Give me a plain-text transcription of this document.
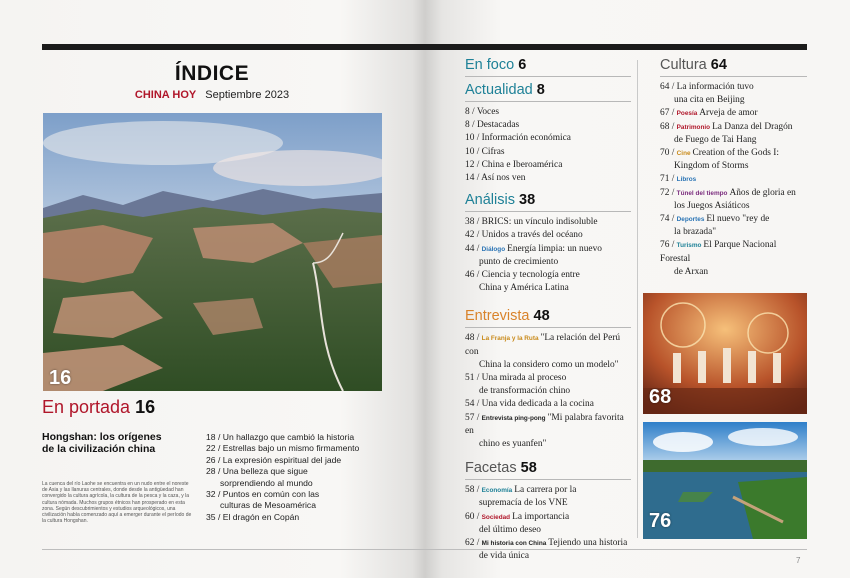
ÍNDICE
CHINA HOY Septiembre 2023
16
En portada 16
Hongshan: los orígenes de la civilización china
La cuenca del río Laohe se encuentra en un nudo entre el noreste de Asia y las llanuras centrales, donde desde la antigüedad han convergido la cultura agrícola, la cultura de la pesca y la caza, y la cultura nómada. Muchos grupos étnicos han prosperado en esta zona. Según descubrimientos y estudios arqueológicos, una civilización había comenzado aquí a emerger durante el período de la cultura Hongshan.
18 / Un hallazgo que cambió la historia
22 / Estrellas bajo un mismo firmamento
26 / La expresión espiritual del jade
28 / Una belleza que sigue
sorprendiendo al mundo
32 / Puntos en común con las
culturas de Mesoamérica
35 / El dragón en Copán
En foco 6
Actualidad 8
8 / Voces
8 / Destacadas
10 / Información económica
10 / Cifras
12 / China e Iberoamérica
14 / Así nos ven
Análisis 38
38 / BRICS: un vínculo indisoluble
42 / Unidos a través del océano
44 / Diálogo Energía limpia: un nuevo
punto de crecimiento
46 / Ciencia y tecnología entre
China y América Latina
Entrevista 48
48 / La Franja y la Ruta "La relación del Perú con
China la considero como un modelo"
51 / Una mirada al proceso
de transformación chino
54 / Una vida dedicada a la cocina
57 / Entrevista ping-pong "Mi palabra favorita en
chino es yuanfen"
Facetas 58
58 / Economía La carrera por la
supremacía de los VNE
60 / Sociedad La importancia
del último deseo
62 / Mi historia con China Tejiendo una historia
de vida única
Cultura 64
64 / La información tuvo
una cita en Beijing
67 / Poesía Arveja de amor
68 / Patrimonio La Danza del Dragón
de Fuego de Tai Hang
70 / Cine Creation of the Gods I:
Kingdom of Storms
71 / Libros
72 / Túnel del tiempo Años de gloria en
los Juegos Asiáticos
74 / Deportes El nuevo "rey de
la brazada"
76 / Turismo El Parque Nacional Forestal
de Arxan
68
76
7
